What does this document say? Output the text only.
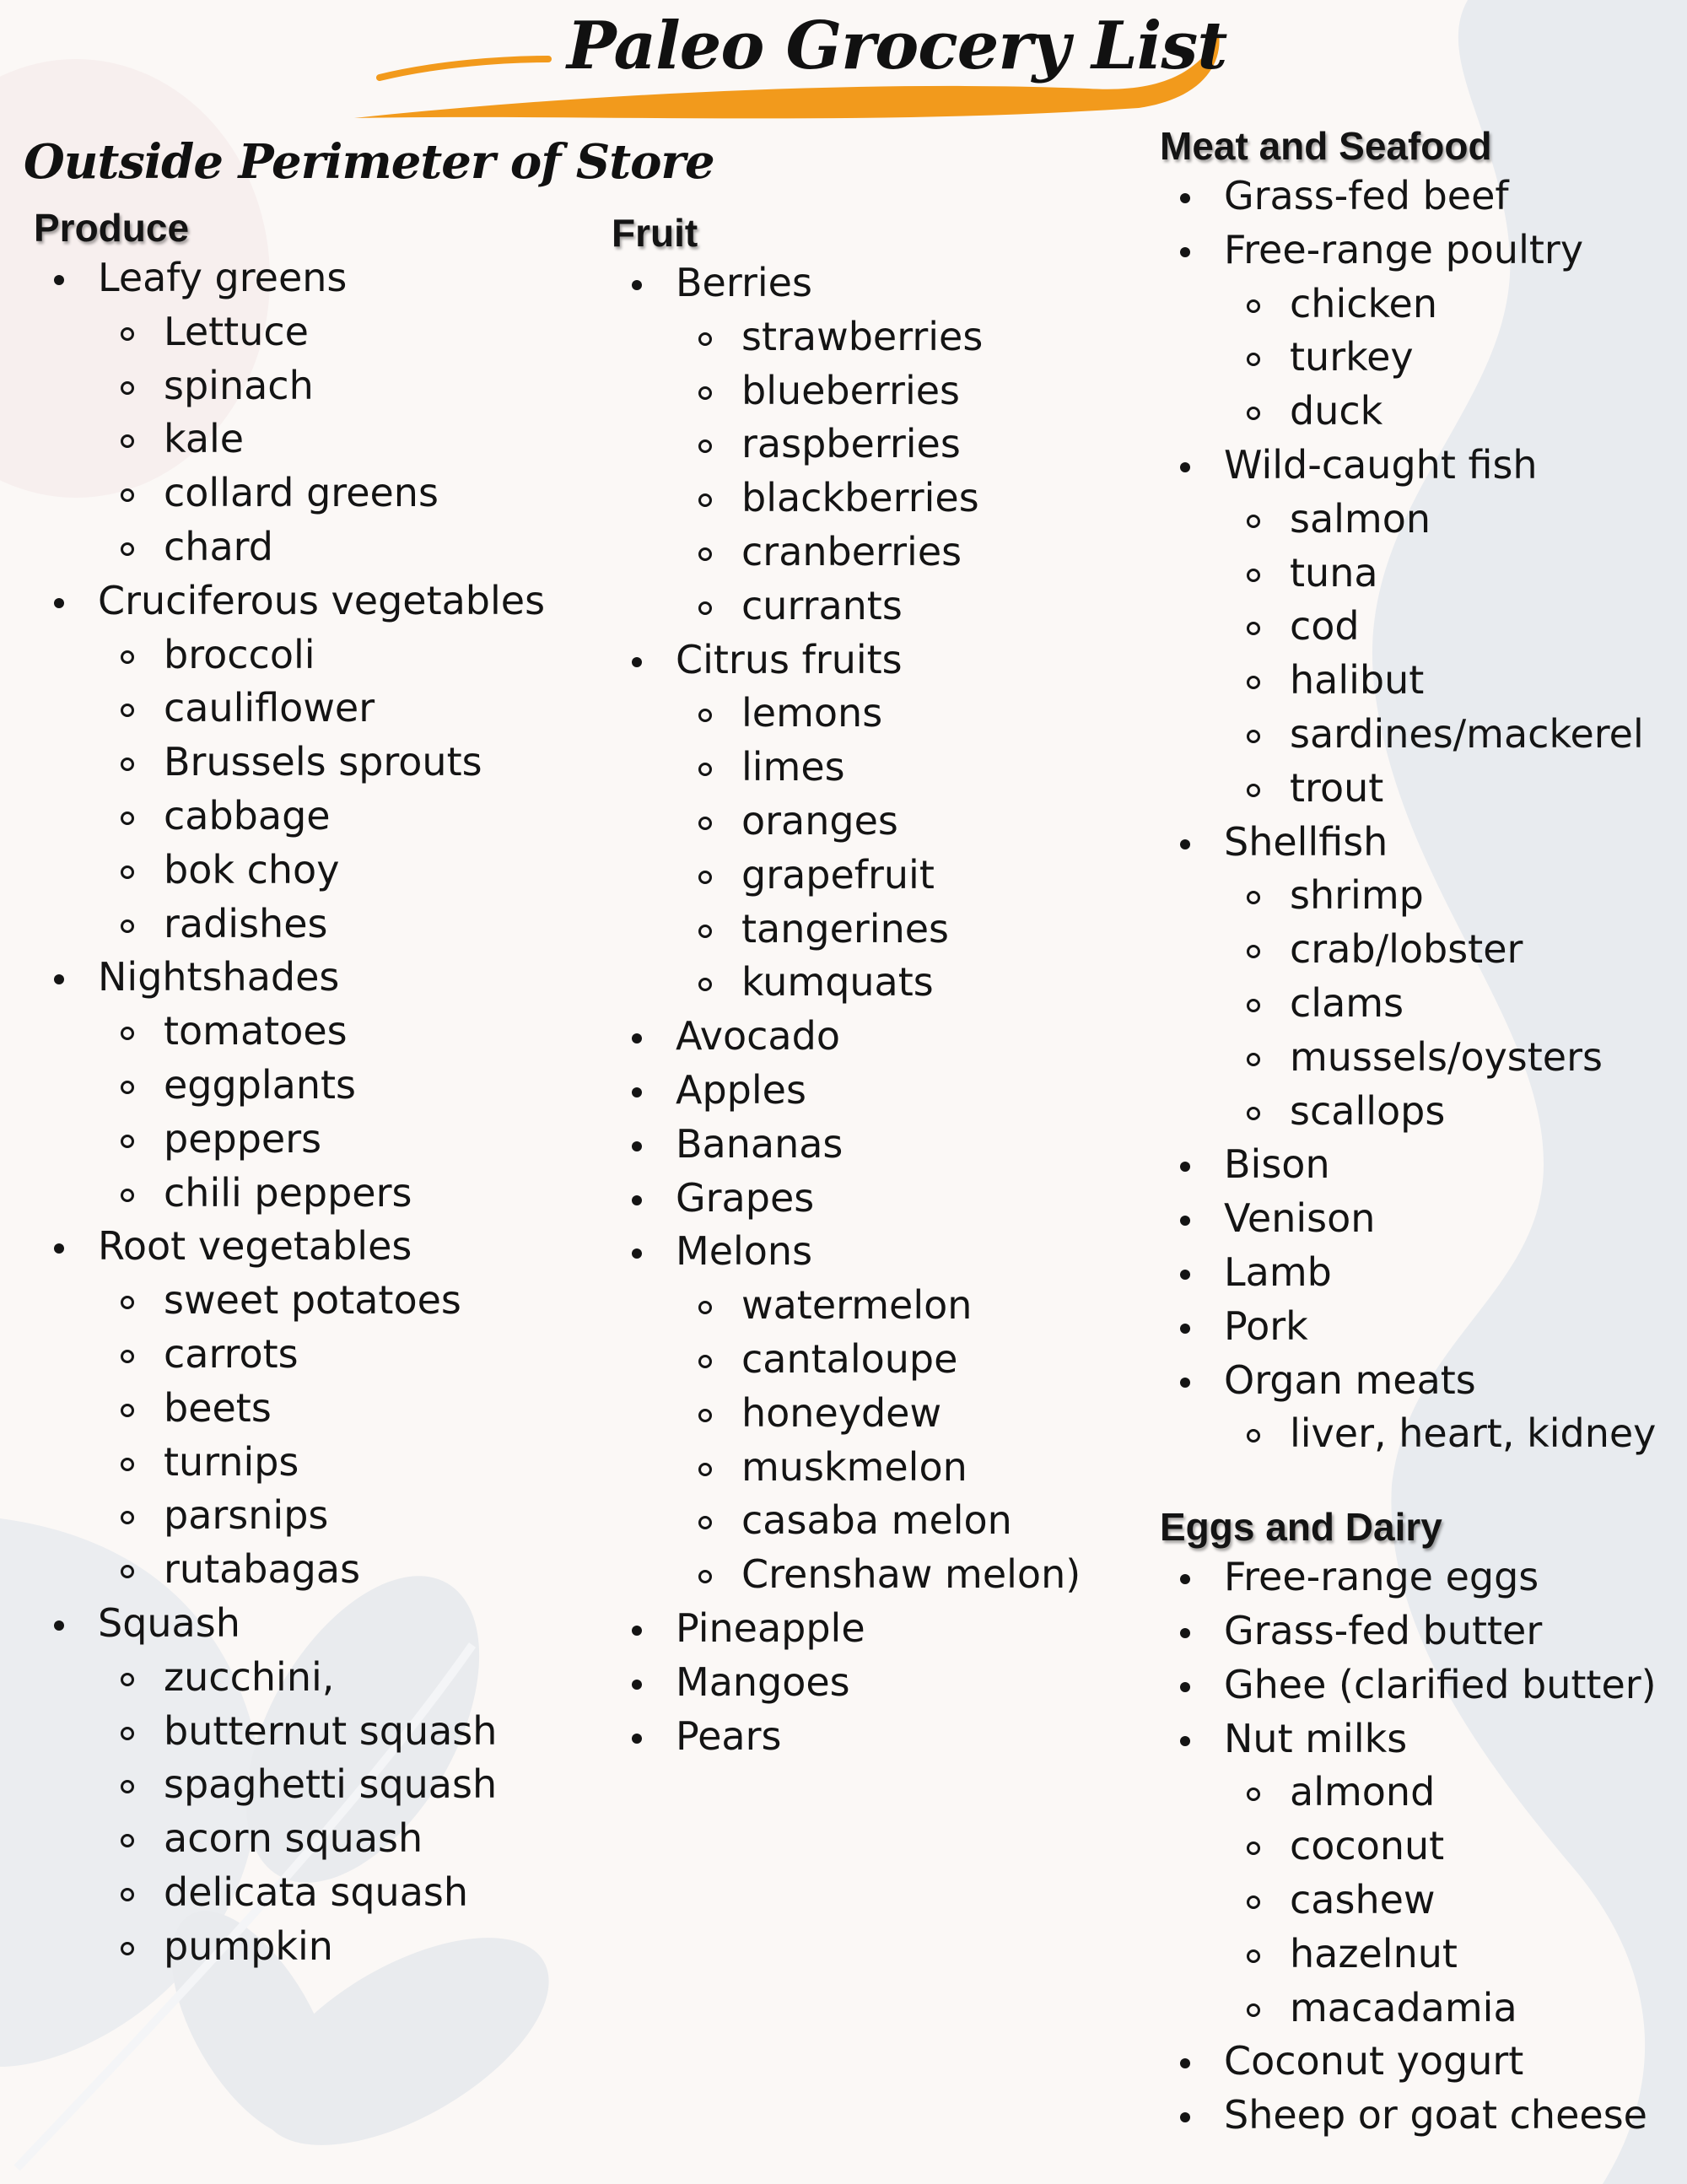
Paleo Grocery List
Outside Perimeter of Store
Produce
Leafy greens
Lettuce
spinach
kale
collard greens
chard
Cruciferous vegetables
broccoli
cauliflower
Brussels sprouts
cabbage
bok choy
radishes
Nightshades
tomatoes
eggplants
peppers
chili peppers
Root vegetables
sweet potatoes
carrots
beets
turnips
parsnips
rutabagas
Squash
zucchini,
butternut squash
spaghetti squash
acorn squash
delicata squash
pumpkin
Fruit
Berries
strawberries
blueberries
raspberries
blackberries
cranberries
currants
Citrus fruits
lemons
limes
oranges
grapefruit
tangerines
kumquats
Avocado
Apples
Bananas
Grapes
Melons
watermelon
cantaloupe
honeydew
muskmelon
casaba melon
Crenshaw melon)
Pineapple
Mangoes
Pears
Meat and Seafood
Grass-fed beef
Free-range poultry
chicken
turkey
duck
Wild-caught fish
salmon
tuna
cod
halibut
sardines/mackerel
trout
Shellfish
shrimp
crab/lobster
clams
mussels/oysters
scallops
Bison
Venison
Lamb
Pork
Organ meats
liver, heart, kidney
Eggs and Dairy
Free-range eggs
Grass-fed butter
Ghee (clarified butter)
Nut milks
almond
coconut
cashew
hazelnut
macadamia
Coconut yogurt
Sheep or goat cheese
